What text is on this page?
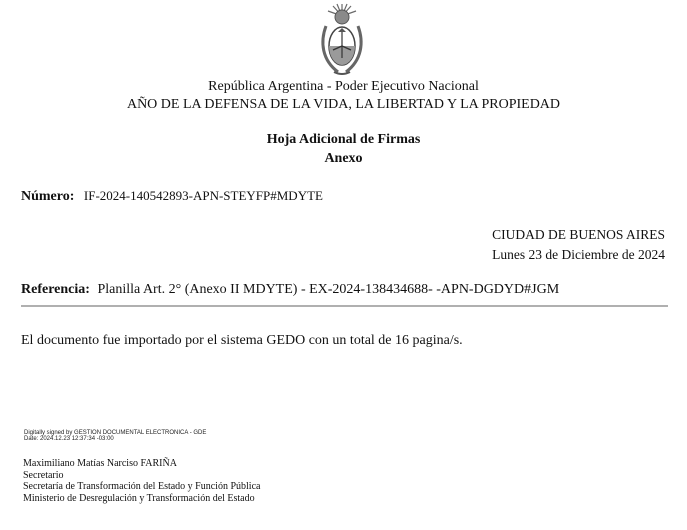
República Argentina - Poder Ejecutivo Nacional
AÑO DE LA DEFENSA DE LA VIDA, LA LIBERTAD Y LA PROPIEDAD
Hoja Adicional de Firmas
Anexo
Número: IF-2024-140542893-APN-STEYFP#MDYTE
CIUDAD DE BUENOS AIRES
Lunes 23 de Diciembre de 2024
Referencia: Planilla Art. 2° (Anexo II MDYTE) - EX-2024-138434688- -APN-DGDYD#JGM
El documento fue importado por el sistema GEDO con un total de 16 pagina/s.
Digitally signed by GESTION DOCUMENTAL ELECTRONICA - GDE
Date: 2024.12.23 12:37:34 -03:00
Maximiliano Matías Narciso FARIÑA
Secretario
Secretaría de Transformación del Estado y Función Pública
Ministerio de Desregulación y Transformación del Estado
